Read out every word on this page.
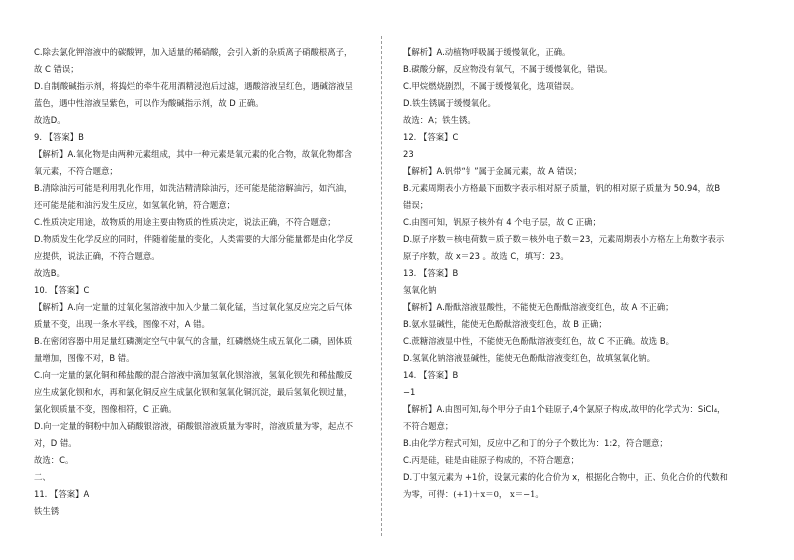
C.除去氯化钾溶液中的碳酸钾，加入适量的稀硝酸，会引入新的杂质离子硝酸根离子，
故 C 错误；
D.自制酸碱指示剂，将捣烂的牵牛花用酒精浸泡后过滤，遇酸溶液呈红色，遇碱溶液呈
蓝色，遇中性溶液呈紫色，可以作为酸碱指示剂，故 D 正确。
故选D。
9. 【答案】B
【解析】A.氧化物是由两种元素组成，其中一种元素是氧元素的化合物，故氧化物都含
氧元素，不符合题意；
B.清除油污可能是利用乳化作用，如洗洁精清除油污，还可能是能溶解油污，如汽油，
还可能是能和油污发生反应，如氢氧化钠，符合题意；
C.性质决定用途，故物质的用途主要由物质的性质决定，说法正确，不符合题意；
D.物质发生化学反应的同时，伴随着能量的变化，人类需要的大部分能量都是由化学反
应提供，说法正确，不符合题意。
故选B。
10. 【答案】C
【解析】A.向一定量的过氧化氢溶液中加入少量二氧化锰，当过氧化氢反应完之后气体
质量不变，出现一条水平线，图像不对，A 错。
B.在密闭容器中用足量红磷测定空气中氧气的含量，红磷燃烧生成五氧化二磷，固体质
量增加，图像不对，B 错。
C.向一定量的氯化铜和稀盐酸的混合溶液中滴加氢氧化钡溶液，氢氧化钡先和稀盐酸反
应生成氯化钡和水，再和氯化铜反应生成氯化钡和氢氧化铜沉淀，最后氢氧化钡过量，
氯化钡质量不变，图像相符，C 正确。
D.向一定量的铜粉中加入硝酸银溶液，硝酸银溶液质量为零时，溶液质量为零，起点不
对，D 错。
故选：C。
二、
11. 【答案】A
铁生锈
【解析】A.动植物呼吸属于缓慢氧化，正确。
B.碳酸分解，反应物没有氧气，不属于缓慢氧化，错误。
C.甲烷燃烧剧烈，不属于缓慢氧化，选项错误。
D.铁生锈属于缓慢氧化。
故选：A；铁生锈。
12. 【答案】C
23
【解析】A.钒带“钅”属于金属元素，故 A 错误；
B.元素周期表小方格最下面数字表示相对原子质量，钒的相对原子质量为 50.94，故B
错误；
C.由图可知，钒原子核外有 4 个电子层，故 C 正确；
D.原子序数＝核电荷数＝质子数＝核外电子数＝23，元素周期表小方格左上角数字表示
原子序数，故 x＝23 。故选 C，填写：23。
13. 【答案】B
氢氧化钠
【解析】A.酚酞溶液显酸性，不能使无色酚酞溶液变红色，故 A 不正确；
B.氨水显碱性，能使无色酚酞溶液变红色，故 B 正确；
C.蔗糖溶液显中性，不能使无色酚酞溶液变红色，故 C 不正确。故选 B。
D.氢氧化钠溶液显碱性，能使无色酚酞溶液变红色，故填氢氧化钠。
14. 【答案】B
−1
【解析】A.由图可知,每个甲分子由1个硅原子,4个氯原子构成,故甲的化学式为：SiCl₄，
不符合题意；
B.由化学方程式可知，反应中乙和丁的分子个数比为：1:2，符合题意；
C.丙是硅，硅是由硅原子构成的，不符合题意；
D.丁中氢元素为 +1价，设氯元素的化合价为 x，根据化合物中，正、负化合价的代数和
为零，可得：(+1)＋x＝0， x＝−1。
